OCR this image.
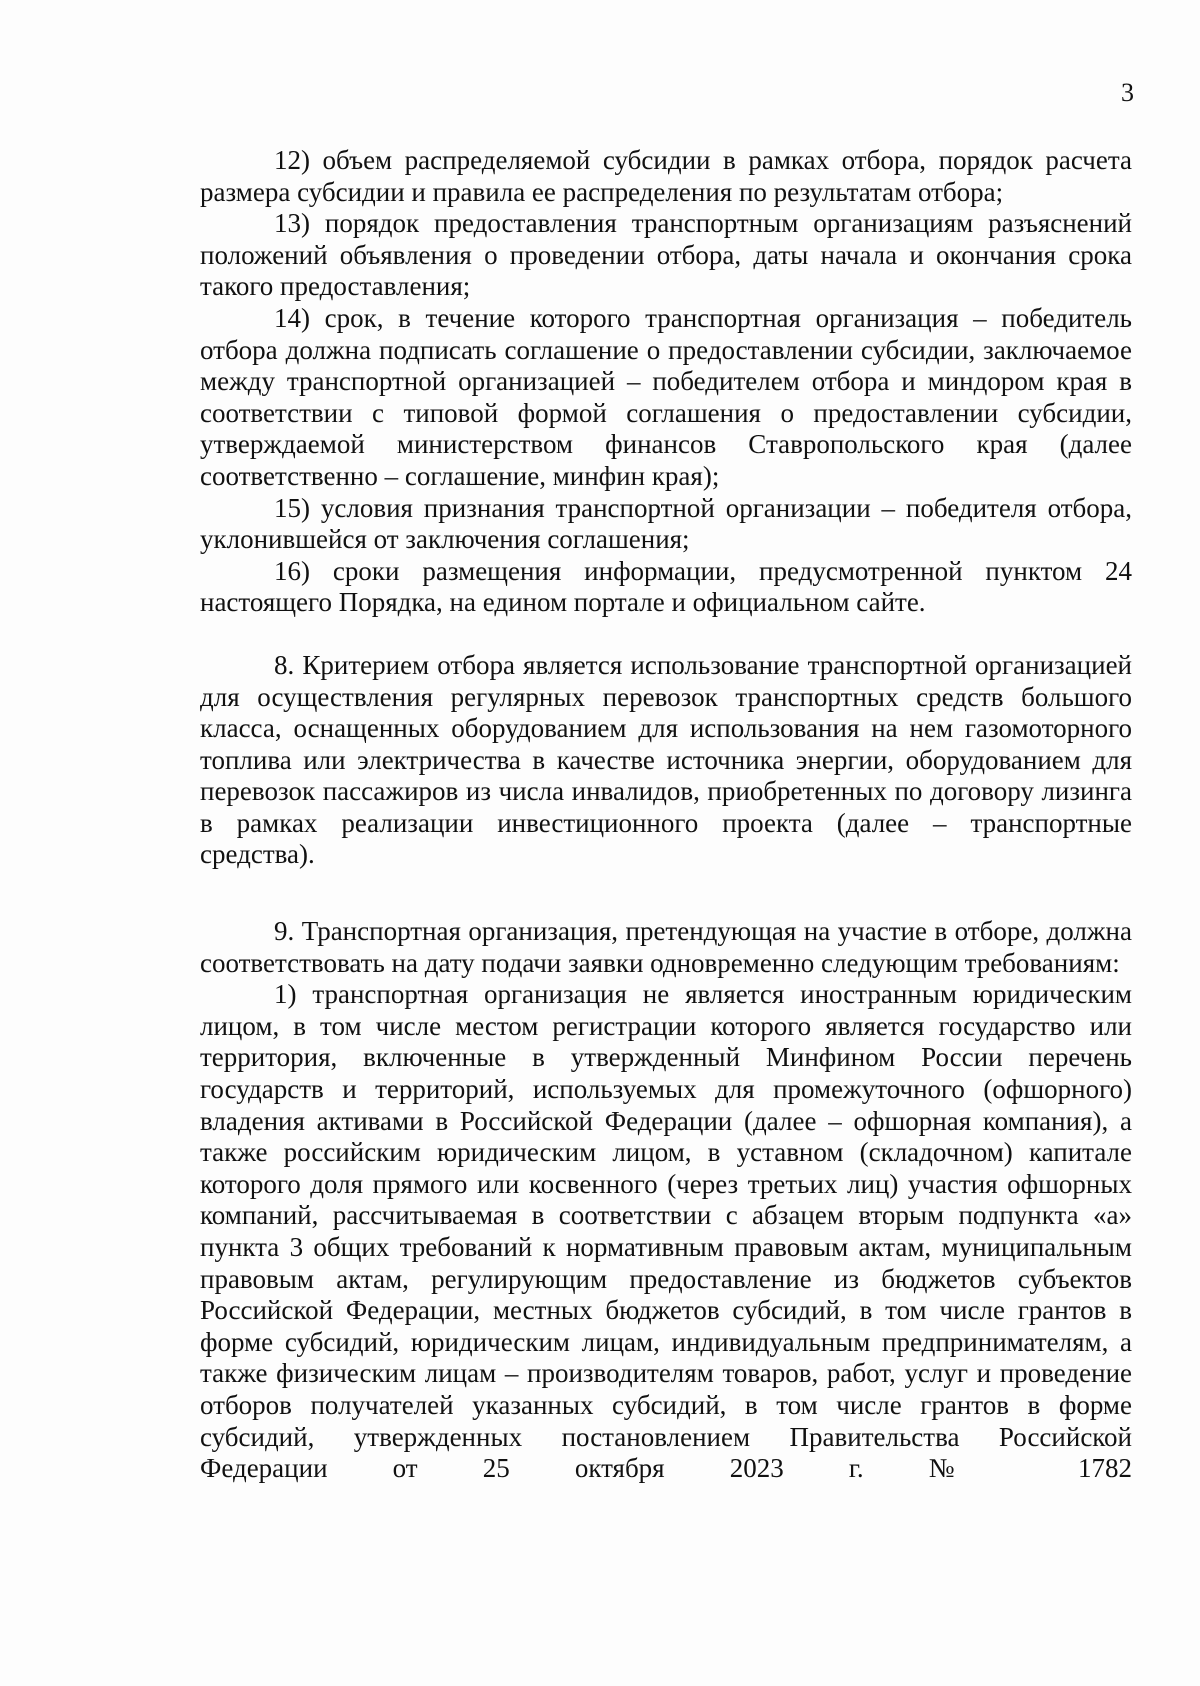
3

12) объем распределяемой субсидии в рамках отбора, порядок расчета размера субсидии и правила ее распределения по результатам отбора;

13) порядок предоставления транспортным организациям разъяснений положений объявления о проведении отбора, даты начала и окончания срока такого предоставления;

14) срок, в течение которого транспортная организация – победитель отбора должна подписать соглашение о предоставлении субсидии, заключаемое между транспортной организацией – победителем отбора и миндором края в соответствии с типовой формой соглашения о предоставлении субсидии, утверждаемой министерством финансов Ставропольского края (далее соответственно – соглашение, минфин края);

15) условия признания транспортной организации – победителя отбора, уклонившейся от заключения соглашения;

16) сроки размещения информации, предусмотренной пунктом 24 настоящего Порядка, на едином портале и официальном сайте.

8. Критерием отбора является использование транспортной организацией для осуществления регулярных перевозок транспортных средств большого класса, оснащенных оборудованием для использования на нем газомоторного топлива или электричества в качестве источника энергии, оборудованием для перевозок пассажиров из числа инвалидов, приобретенных по договору лизинга в рамках реализации инвестиционного проекта (далее – транспортные средства).

9. Транспортная организация, претендующая на участие в отборе, должна соответствовать на дату подачи заявки одновременно следующим требованиям:

1) транспортная организация не является иностранным юридическим лицом, в том числе местом регистрации которого является государство или территория, включенные в утвержденный Минфином России перечень государств и территорий, используемых для промежуточного (офшорного) владения активами в Российской Федерации (далее – офшорная компания), а также российским юридическим лицом, в уставном (складочном) капитале которого доля прямого или косвенного (через третьих лиц) участия офшорных компаний, рассчитываемая в соответствии с абзацем вторым подпункта «а» пункта 3 общих требований к нормативным правовым актам, муниципальным правовым актам, регулирующим предоставление из бюджетов субъектов Российской Федерации, местных бюджетов субсидий, в том числе грантов в форме субсидий, юридическим лицам, индивидуальным предпринимателям, а также физическим лицам – производителям товаров, работ, услуг и проведение отборов получателей указанных субсидий, в том числе грантов в форме субсидий, утвержденных постановлением Правительства Российской Федерации от 25 октября 2023 г. № 1782
